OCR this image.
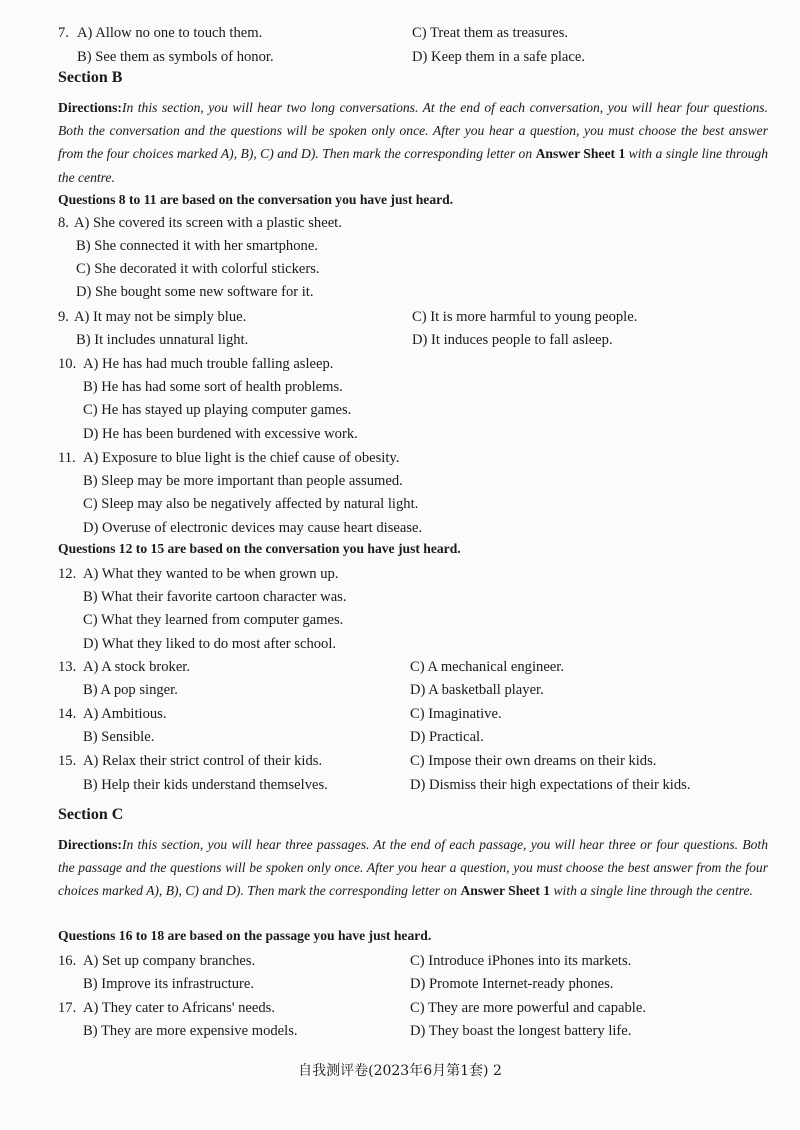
7. A) Allow no one to touch them.	C) Treat them as treasures.
B) See them as symbols of honor.	D) Keep them in a safe place.
Section B
Directions:In this section, you will hear two long conversations. At the end of each conversation, you will hear four questions. Both the conversation and the questions will be spoken only once. After you hear a question, you must choose the best answer from the four choices marked A), B), C) and D). Then mark the corresponding letter on Answer Sheet 1 with a single line through the centre.
Questions 8 to 11 are based on the conversation you have just heard.
8. A) She covered its screen with a plastic sheet.
B) She connected it with her smartphone.
C) She decorated it with colorful stickers.
D) She bought some new software for it.
9. A) It may not be simply blue.	C) It is more harmful to young people.
B) It includes unnatural light.	D) It induces people to fall asleep.
10. A) He has had much trouble falling asleep.
B) He has had some sort of health problems.
C) He has stayed up playing computer games.
D) He has been burdened with excessive work.
11. A) Exposure to blue light is the chief cause of obesity.
B) Sleep may be more important than people assumed.
C) Sleep may also be negatively affected by natural light.
D) Overuse of electronic devices may cause heart disease.
Questions 12 to 15 are based on the conversation you have just heard.
12. A) What they wanted to be when grown up.
B) What their favorite cartoon character was.
C) What they learned from computer games.
D) What they liked to do most after school.
13. A) A stock broker.	C) A mechanical engineer.
B) A pop singer.	D) A basketball player.
14. A) Ambitious.	C) Imaginative.
B) Sensible.	D) Practical.
15. A) Relax their strict control of their kids.	C) Impose their own dreams on their kids.
B) Help their kids understand themselves.	D) Dismiss their high expectations of their kids.
Section C
Directions:In this section, you will hear three passages. At the end of each passage, you will hear three or four questions. Both the passage and the questions will be spoken only once. After you hear a question, you must choose the best answer from the four choices marked A), B), C) and D). Then mark the corresponding letter on Answer Sheet 1 with a single line through the centre.
Questions 16 to 18 are based on the passage you have just heard.
16. A) Set up company branches.	C) Introduce iPhones into its markets.
B) Improve its infrastructure.	D) Promote Internet-ready phones.
17. A) They cater to Africans' needs.	C) They are more powerful and capable.
B) They are more expensive models.	D) They boast the longest battery life.
自我测评卷(2023年6月第1套) 2
